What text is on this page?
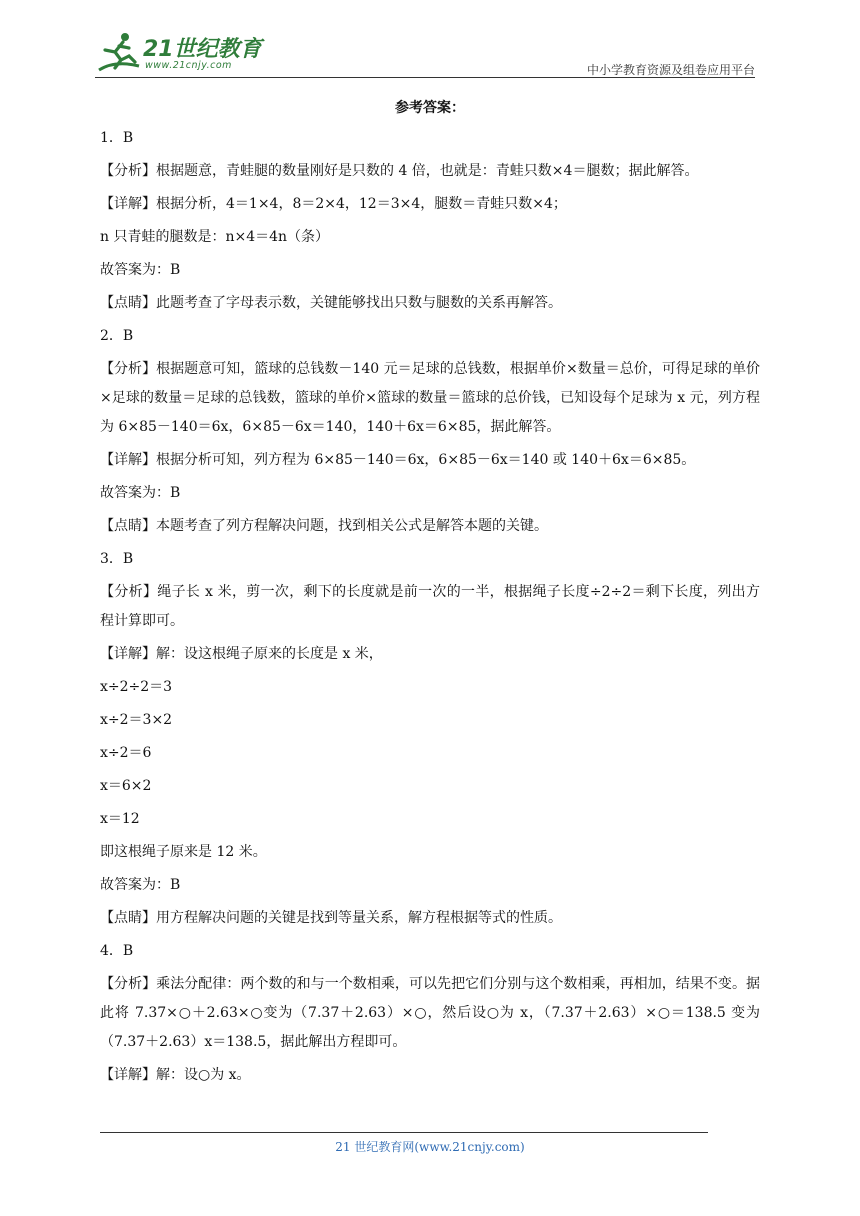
21世纪教育
www.21cnjy.com	中小学教育资源及组卷应用平台
参考答案：
1．B
【分析】根据题意，青蛙腿的数量刚好是只数的 4 倍，也就是：青蛙只数×4＝腿数；据此解答。
【详解】根据分析，4＝1×4，8＝2×4，12＝3×4，腿数＝青蛙只数×4；
n 只青蛙的腿数是：n×4＝4n（条）
故答案为：B
【点睛】此题考查了字母表示数，关键能够找出只数与腿数的关系再解答。
2．B
【分析】根据题意可知，篮球的总钱数－140 元＝足球的总钱数，根据单价×数量＝总价，可得足球的单价×足球的数量＝足球的总钱数，篮球的单价×篮球的数量＝篮球的总价钱，已知设每个足球为 x 元，列方程为 6×85－140＝6x，6×85－6x＝140，140＋6x＝6×85，据此解答。
【详解】根据分析可知，列方程为 6×85－140＝6x，6×85－6x＝140 或 140＋6x＝6×85。
故答案为：B
【点睛】本题考查了列方程解决问题，找到相关公式是解答本题的关键。
3．B
【分析】绳子长 x 米，剪一次，剩下的长度就是前一次的一半，根据绳子长度÷2÷2＝剩下长度，列出方程计算即可。
【详解】解：设这根绳子原来的长度是 x 米，
x÷2÷2＝3
x÷2＝3×2
x÷2＝6
x＝6×2
x＝12
即这根绳子原来是 12 米。
故答案为：B
【点睛】用方程解决问题的关键是找到等量关系，解方程根据等式的性质。
4．B
【分析】乘法分配律：两个数的和与一个数相乘，可以先把它们分别与这个数相乘，再相加，结果不变。据此将 7.37×○＋2.63×○变为（7.37＋2.63）×○，然后设○为 x，（7.37＋2.63）×○＝138.5 变为（7.37＋2.63）x＝138.5，据此解出方程即可。
【详解】解：设○为 x。
21 世纪教育网(www.21cnjy.com)
